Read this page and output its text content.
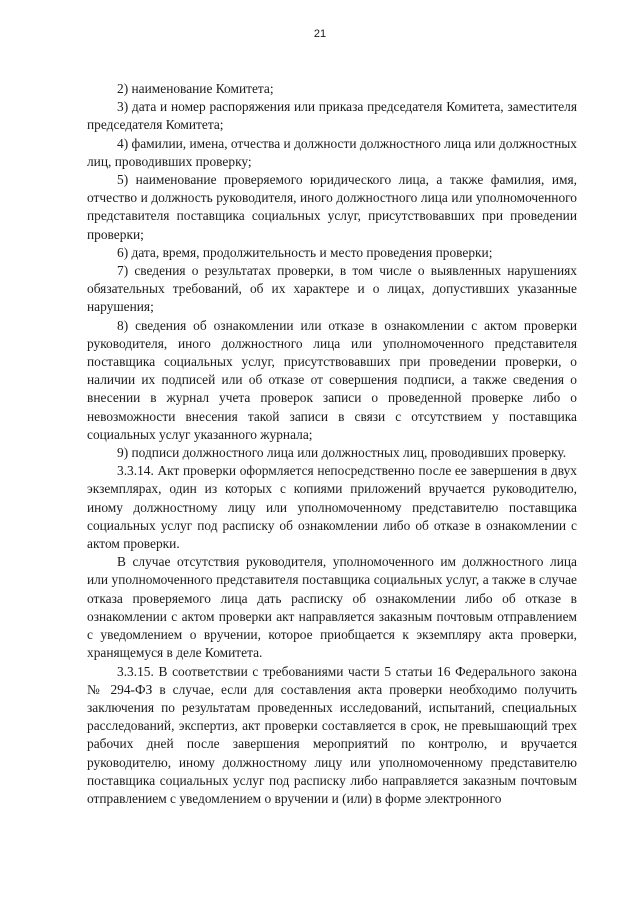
21

2) наименование Комитета;

3) дата и номер распоряжения или приказа председателя Комитета, заместителя председателя Комитета;

4) фамилии, имена, отчества и должности должностного лица или должностных лиц, проводивших проверку;

5) наименование проверяемого юридического лица, а также фамилия, имя, отчество и должность руководителя, иного должностного лица или уполномоченного представителя поставщика социальных услуг, присутствовавших при проведении проверки;

6) дата, время, продолжительность и место проведения проверки;

7) сведения о результатах проверки, в том числе о выявленных нарушениях обязательных требований, об их характере и о лицах, допустивших указанные нарушения;

8) сведения об ознакомлении или отказе в ознакомлении с актом проверки руководителя, иного должностного лица или уполномоченного представителя поставщика социальных услуг, присутствовавших при проведении проверки, о наличии их подписей или об отказе от совершения подписи, а также сведения о внесении в журнал учета проверок записи о проведенной проверке либо о невозможности внесения такой записи в связи с отсутствием у поставщика социальных услуг указанного журнала;

9) подписи должностного лица или должностных лиц, проводивших проверку.

3.3.14. Акт проверки оформляется непосредственно после ее завершения в двух экземплярах, один из которых с копиями приложений вручается руководителю, иному должностному лицу или уполномоченному представителю поставщика социальных услуг под расписку об ознакомлении либо об отказе в ознакомлении с актом проверки.

В случае отсутствия руководителя, уполномоченного им должностного лица или уполномоченного представителя поставщика социальных услуг, а также в случае отказа проверяемого лица дать расписку об ознакомлении либо об отказе в ознакомлении с актом проверки акт направляется заказным почтовым отправлением с уведомлением о вручении, которое приобщается к экземпляру акта проверки, хранящемуся в деле Комитета.

3.3.15. В соответствии с требованиями части 5 статьи 16 Федерального закона № 294-ФЗ в случае, если для составления акта проверки необходимо получить заключения по результатам проведенных исследований, испытаний, специальных расследований, экспертиз, акт проверки составляется в срок, не превышающий трех рабочих дней после завершения мероприятий по контролю, и вручается руководителю, иному должностному лицу или уполномоченному представителю поставщика социальных услуг под расписку либо направляется заказным почтовым отправлением с уведомлением о вручении и (или) в форме электронного
